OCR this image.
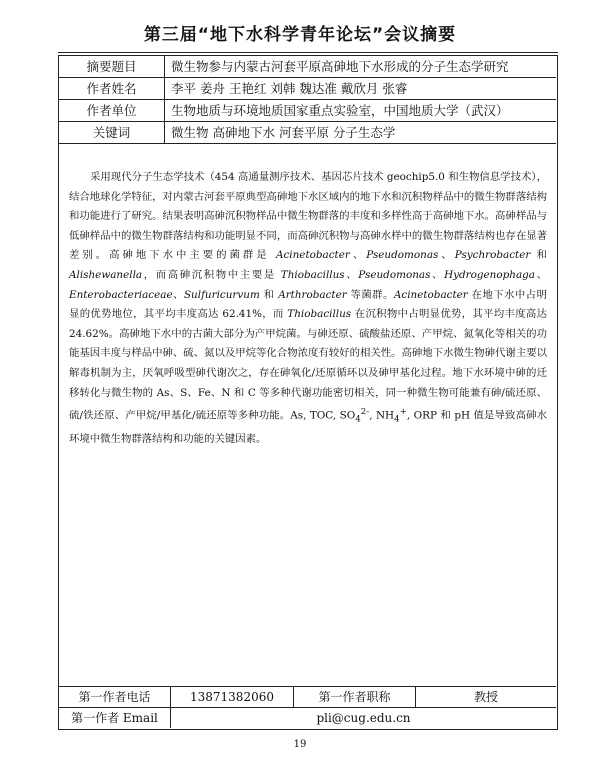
第三届“地下水科学青年论坛”会议摘要
摘要题目	微生物参与内蒙古河套平原高砷地下水形成的分子生态学研究
作者姓名	李平 姜舟 王艳红 刘韩 魏达准 戴欣月 张睿
作者单位	生物地质与环境地质国家重点实验室，中国地质大学（武汉）
关键词	微生物 高砷地下水 河套平原 分子生态学
采用现代分子生态学技术（454 高通量测序技术、基因芯片技术 geochip5.0 和生物信息学技术），结合地球化学特征，对内蒙古河套平原典型高砷地下水区域内的地下水和沉积物样品中的微生物群落结构和功能进行了研究。结果表明高砷沉积物样品中微生物群落的丰度和多样性高于高砷地下水。高砷样品与低砷样品中的微生物群落结构和功能明显不同，而高砷沉积物与高砷水样中的微生物群落结构也存在显著差别。高砷地下水中主要的菌群是 Acinetobacter、Pseudomonas、Psychrobacter 和 Alishewanella，而高砷沉积物中主要是 Thiobacillus、Pseudomonas、Hydrogenophaga、Enterobacteriaceae、Sulfuricurvum 和 Arthrobacter 等菌群。Acinetobacter 在地下水中占明显的优势地位，其平均丰度高达 62.41%，而 Thiobacillus 在沉积物中占明显优势，其平均丰度高达 24.62%。高砷地下水中的古菌大部分为产甲烷菌。与砷还原、硫酸盐还原、产甲烷、氮氧化等相关的功能基因丰度与样品中砷、硫、氮以及甲烷等化合物浓度有较好的相关性。高砷地下水微生物砷代谢主要以解毒机制为主，厌氧呼吸型砷代谢次之，存在砷氧化/还原循环以及砷甲基化过程。地下水环境中砷的迁移转化与微生物的 As、S、Fe、N 和 C 等多种代谢功能密切相关，同一种微生物可能兼有砷/硫还原、硫/铁还原、产甲烷/甲基化/硫还原等多种功能。As, TOC, $SO_4^{2-}$, $NH_4^+$, ORP 和 pH 值是导致高砷水环境中微生物群落结构和功能的关键因素。
第一作者电话	13871382060	第一作者职称	教授
第一作者 Email	pli@cug.edu.cn
19
